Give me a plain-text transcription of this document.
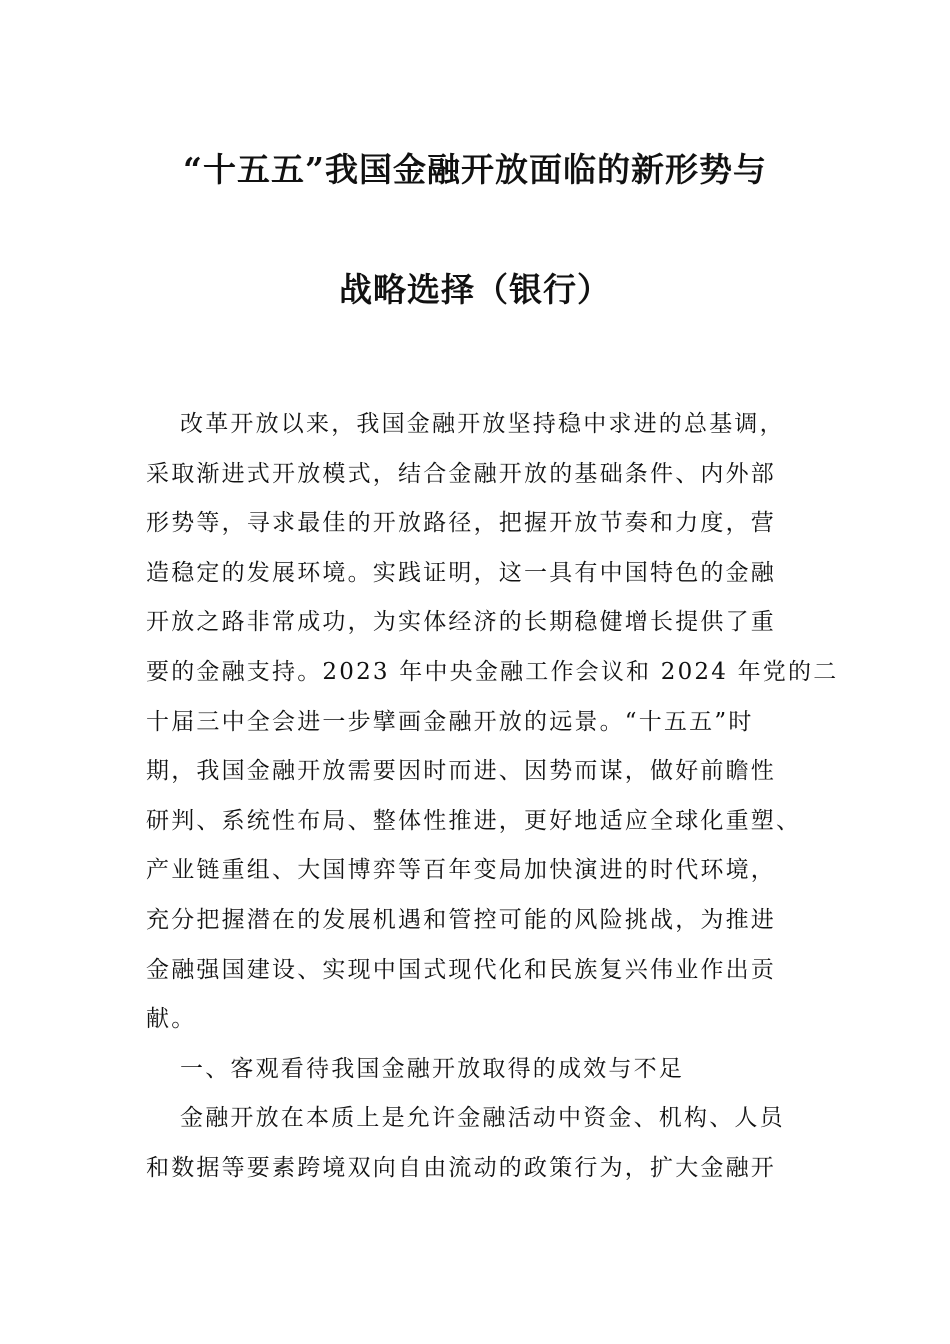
“十五五”我国金融开放面临的新形势与
战略选择（银行）
改革开放以来，我国金融开放坚持稳中求进的总基调，
采取渐进式开放模式，结合金融开放的基础条件、内外部
形势等，寻求最佳的开放路径，把握开放节奏和力度，营
造稳定的发展环境。实践证明，这一具有中国特色的金融
开放之路非常成功，为实体经济的长期稳健增长提供了重
要的金融支持。2023 年中央金融工作会议和 2024 年党的二
十届三中全会进一步擘画金融开放的远景。“十五五”时
期，我国金融开放需要因时而进、因势而谋，做好前瞻性
研判、系统性布局、整体性推进，更好地适应全球化重塑、
产业链重组、大国博弈等百年变局加快演进的时代环境，
充分把握潜在的发展机遇和管控可能的风险挑战，为推进
金融强国建设、实现中国式现代化和民族复兴伟业作出贡
献。
一、客观看待我国金融开放取得的成效与不足
金融开放在本质上是允许金融活动中资金、机构、人员
和数据等要素跨境双向自由流动的政策行为，扩大金融开
